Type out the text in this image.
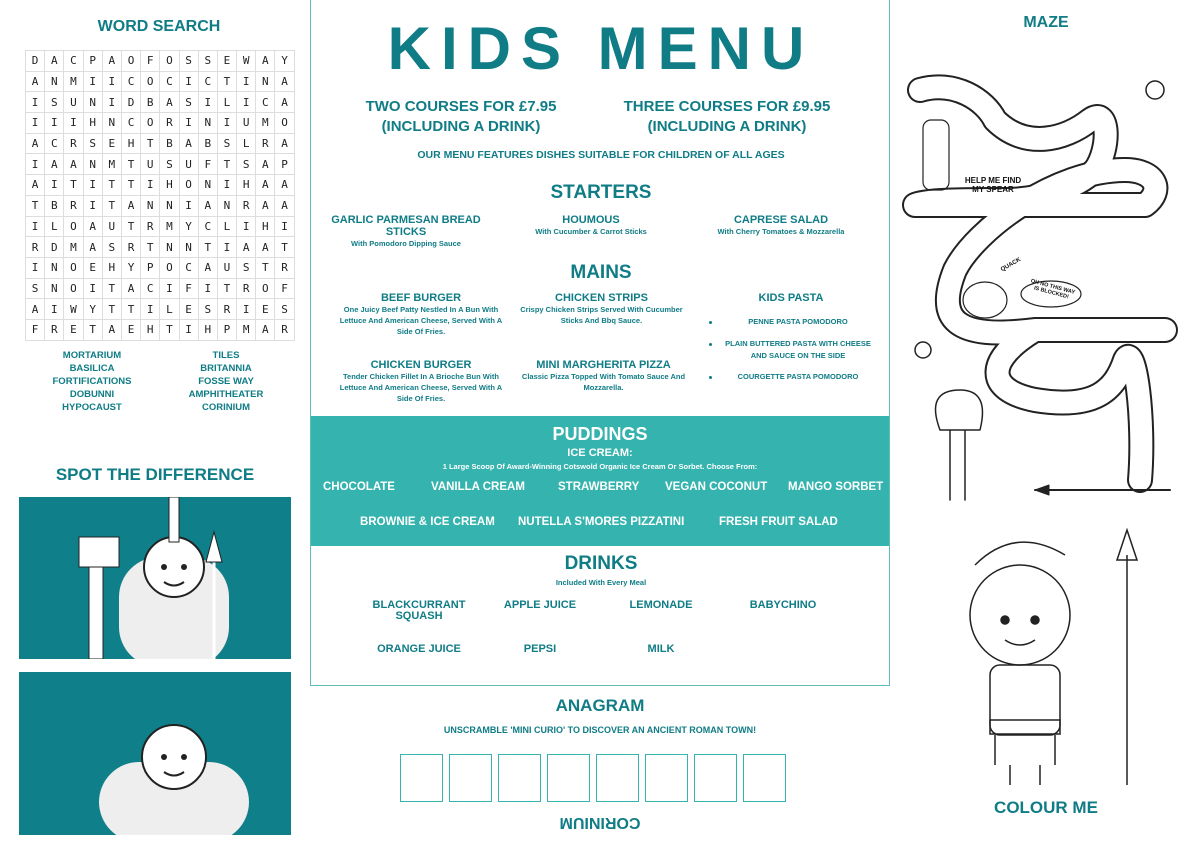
WORD SEARCH
D	A	C	P	A	O	F	O	S	S	E	W	A	Y
A	N	M	I	I	C	O	C	I	C	T	I	N	A
I	S	U	N	I	D	B	A	S	I	L	I	C	A
I	I	I	H	N	C	O	R	I	N	I	U	M	O
A	C	R	S	E	H	T	B	A	B	S	L	R	A
I	A	A	N	M	T	U	S	U	F	T	S	A	P
A	I	T	I	T	T	I	H	O	N	I	H	A	A
T	B	R	I	T	A	N	N	I	A	N	R	A	A
I	L	O	A	U	T	R	M	Y	C	L	I	H	I
R	D	M	A	S	R	T	N	N	T	I	A	A	T
I	N	O	E	H	Y	P	O	C	A	U	S	T	R
S	N	O	I	T	A	C	I	F	I	T	R	O	F
A	I	W	Y	T	T	I	L	E	S	R	I	E	S
F	R	E	T	A	E	H	T	I	H	P	M	A	R
MORTARIUM	TILES
BASILICA	BRITANNIA
FORTIFICATIONS	FOSSE WAY
DOBUNNI	AMPHITHEATER
HYPOCAUST	CORINIUM
SPOT THE DIFFERENCE
KIDS MENU
TWO COURSES FOR £7.95
(INCLUDING A DRINK)
THREE COURSES FOR £9.95
(INCLUDING A DRINK)
OUR MENU FEATURES DISHES SUITABLE FOR CHILDREN OF ALL AGES
STARTERS
GARLIC PARMESAN BREAD STICKS
With Pomodoro Dipping Sauce
HOUMOUS
With Cucumber & Carrot Sticks
CAPRESE SALAD
With Cherry Tomatoes & Mozzarella
MAINS
BEEF BURGER
One Juicy Beef Patty Nestled In A Bun With Lettuce And American Cheese, Served With A Side Of Fries.
CHICKEN STRIPS
Crispy Chicken Strips Served With Cucumber Sticks And Bbq Sauce.
CHICKEN BURGER
Tender Chicken Fillet In A Brioche Bun With Lettuce And American Cheese, Served With A Side Of Fries.
MINI MARGHERITA PIZZA
Classic Pizza Topped With Tomato Sauce And Mozzarella.
KIDS PASTA
PENNE PASTA POMODORO
PLAIN BUTTERED PASTA WITH CHEESE AND SAUCE ON THE SIDE
COURGETTE PASTA POMODORO
PUDDINGS
ICE CREAM:
1 Large Scoop Of Award-Winning Cotswold Organic Ice Cream Or Sorbet. Choose From:
CHOCOLATE	VANILLA CREAM	STRAWBERRY VEGAN COCONUT MANGO SORBET
BROWNIE & ICE CREAM NUTELLA S'MORES PIZZATINI	FRESH FRUIT SALAD
DRINKS
Included With Every Meal
BLACKCURRANT SQUASH
APPLE JUICE	LEMONADE	BABYCHINO
ORANGE JUICE	PEPSI	MILK
ANAGRAM
UNSCRAMBLE 'MINI CURIO' TO DISCOVER AN ANCIENT ROMAN TOWN!
CORINIUM
MAZE
HELP ME FIND MY SPEAR
QUACK
OH NO THIS WAY IS BLOCKED!
COLOUR ME
